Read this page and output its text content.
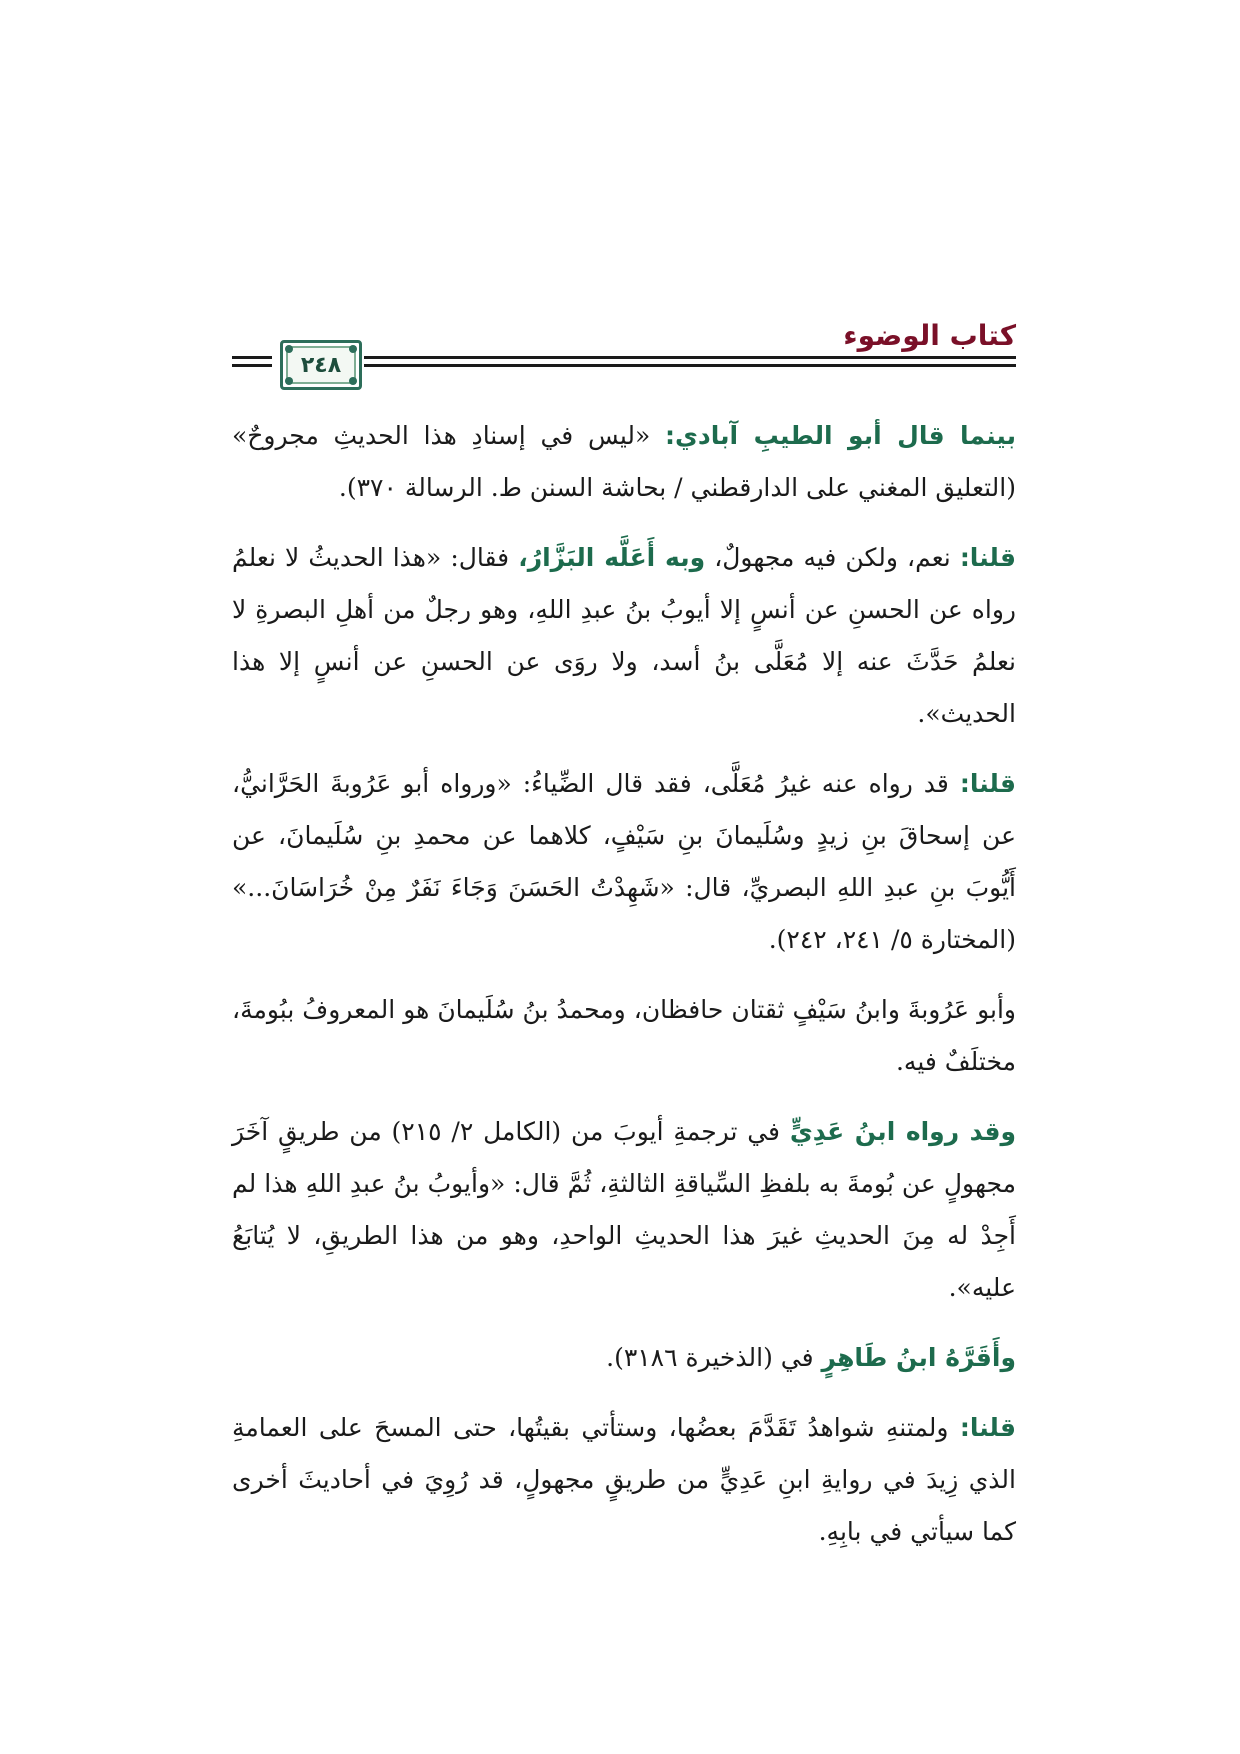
كتاب الوضوء
٢٤٨

بينما قال أبو الطيبِ آبادي: «ليس في إسنادِ هذا الحديثِ مجروحٌ» (التعليق المغني على الدارقطني / بحاشة السنن ط. الرسالة ٣٧٠).

قلنا: نعم، ولكن فيه مجهولٌ، وبه أَعَلَّه البَزَّارُ، فقال: «هذا الحديثُ لا نعلمُ رواه عن الحسنِ عن أنسٍ إلا أيوبُ بنُ عبدِ اللهِ، وهو رجلٌ من أهلِ البصرةِ لا نعلمُ حَدَّثَ عنه إلا مُعَلَّى بنُ أسد، ولا روَى عن الحسنِ عن أنسٍ إلا هذا الحديث».

قلنا: قد رواه عنه غيرُ مُعَلَّى، فقد قال الضِّياءُ: «ورواه أبو عَرُوبةَ الحَرَّانيُّ، عن إسحاقَ بنِ زيدٍ وسُلَيمانَ بنِ سَيْفٍ، كلاهما عن محمدِ بنِ سُلَيمانَ، عن أَيُّوبَ بنِ عبدِ اللهِ البصريِّ، قال: «شَهِدْتُ الحَسَنَ وَجَاءَ نَفَرٌ مِنْ خُرَاسَانَ...» (المختارة ٥/ ٢٤١، ٢٤٢).

وأبو عَرُوبةَ وابنُ سَيْفٍ ثقتان حافظان، ومحمدُ بنُ سُلَيمانَ هو المعروفُ ببُومةَ، مختلَفٌ فيه.

وقد رواه ابنُ عَدِيٍّ في ترجمةِ أيوبَ من (الكامل ٢/ ٢١٥) من طريقٍ آخَرَ مجهولٍ عن بُومةَ به بلفظِ السِّياقةِ الثالثةِ، ثُمَّ قال: «وأيوبُ بنُ عبدِ اللهِ هذا لم أَجِدْ له مِنَ الحديثِ غيرَ هذا الحديثِ الواحدِ، وهو من هذا الطريقِ، لا يُتابَعُ عليه».

وأَقَرَّهُ ابنُ طَاهِرٍ في (الذخيرة ٣١٨٦).

قلنا: ولمتنهِ شواهدُ تَقَدَّمَ بعضُها، وستأتي بقيتُها، حتى المسحَ على العمامةِ الذي زِيدَ في روايةِ ابنِ عَدِيٍّ من طريقٍ مجهولٍ، قد رُوِيَ في أحاديثَ أخرى كما سيأتي في بابِهِ.
